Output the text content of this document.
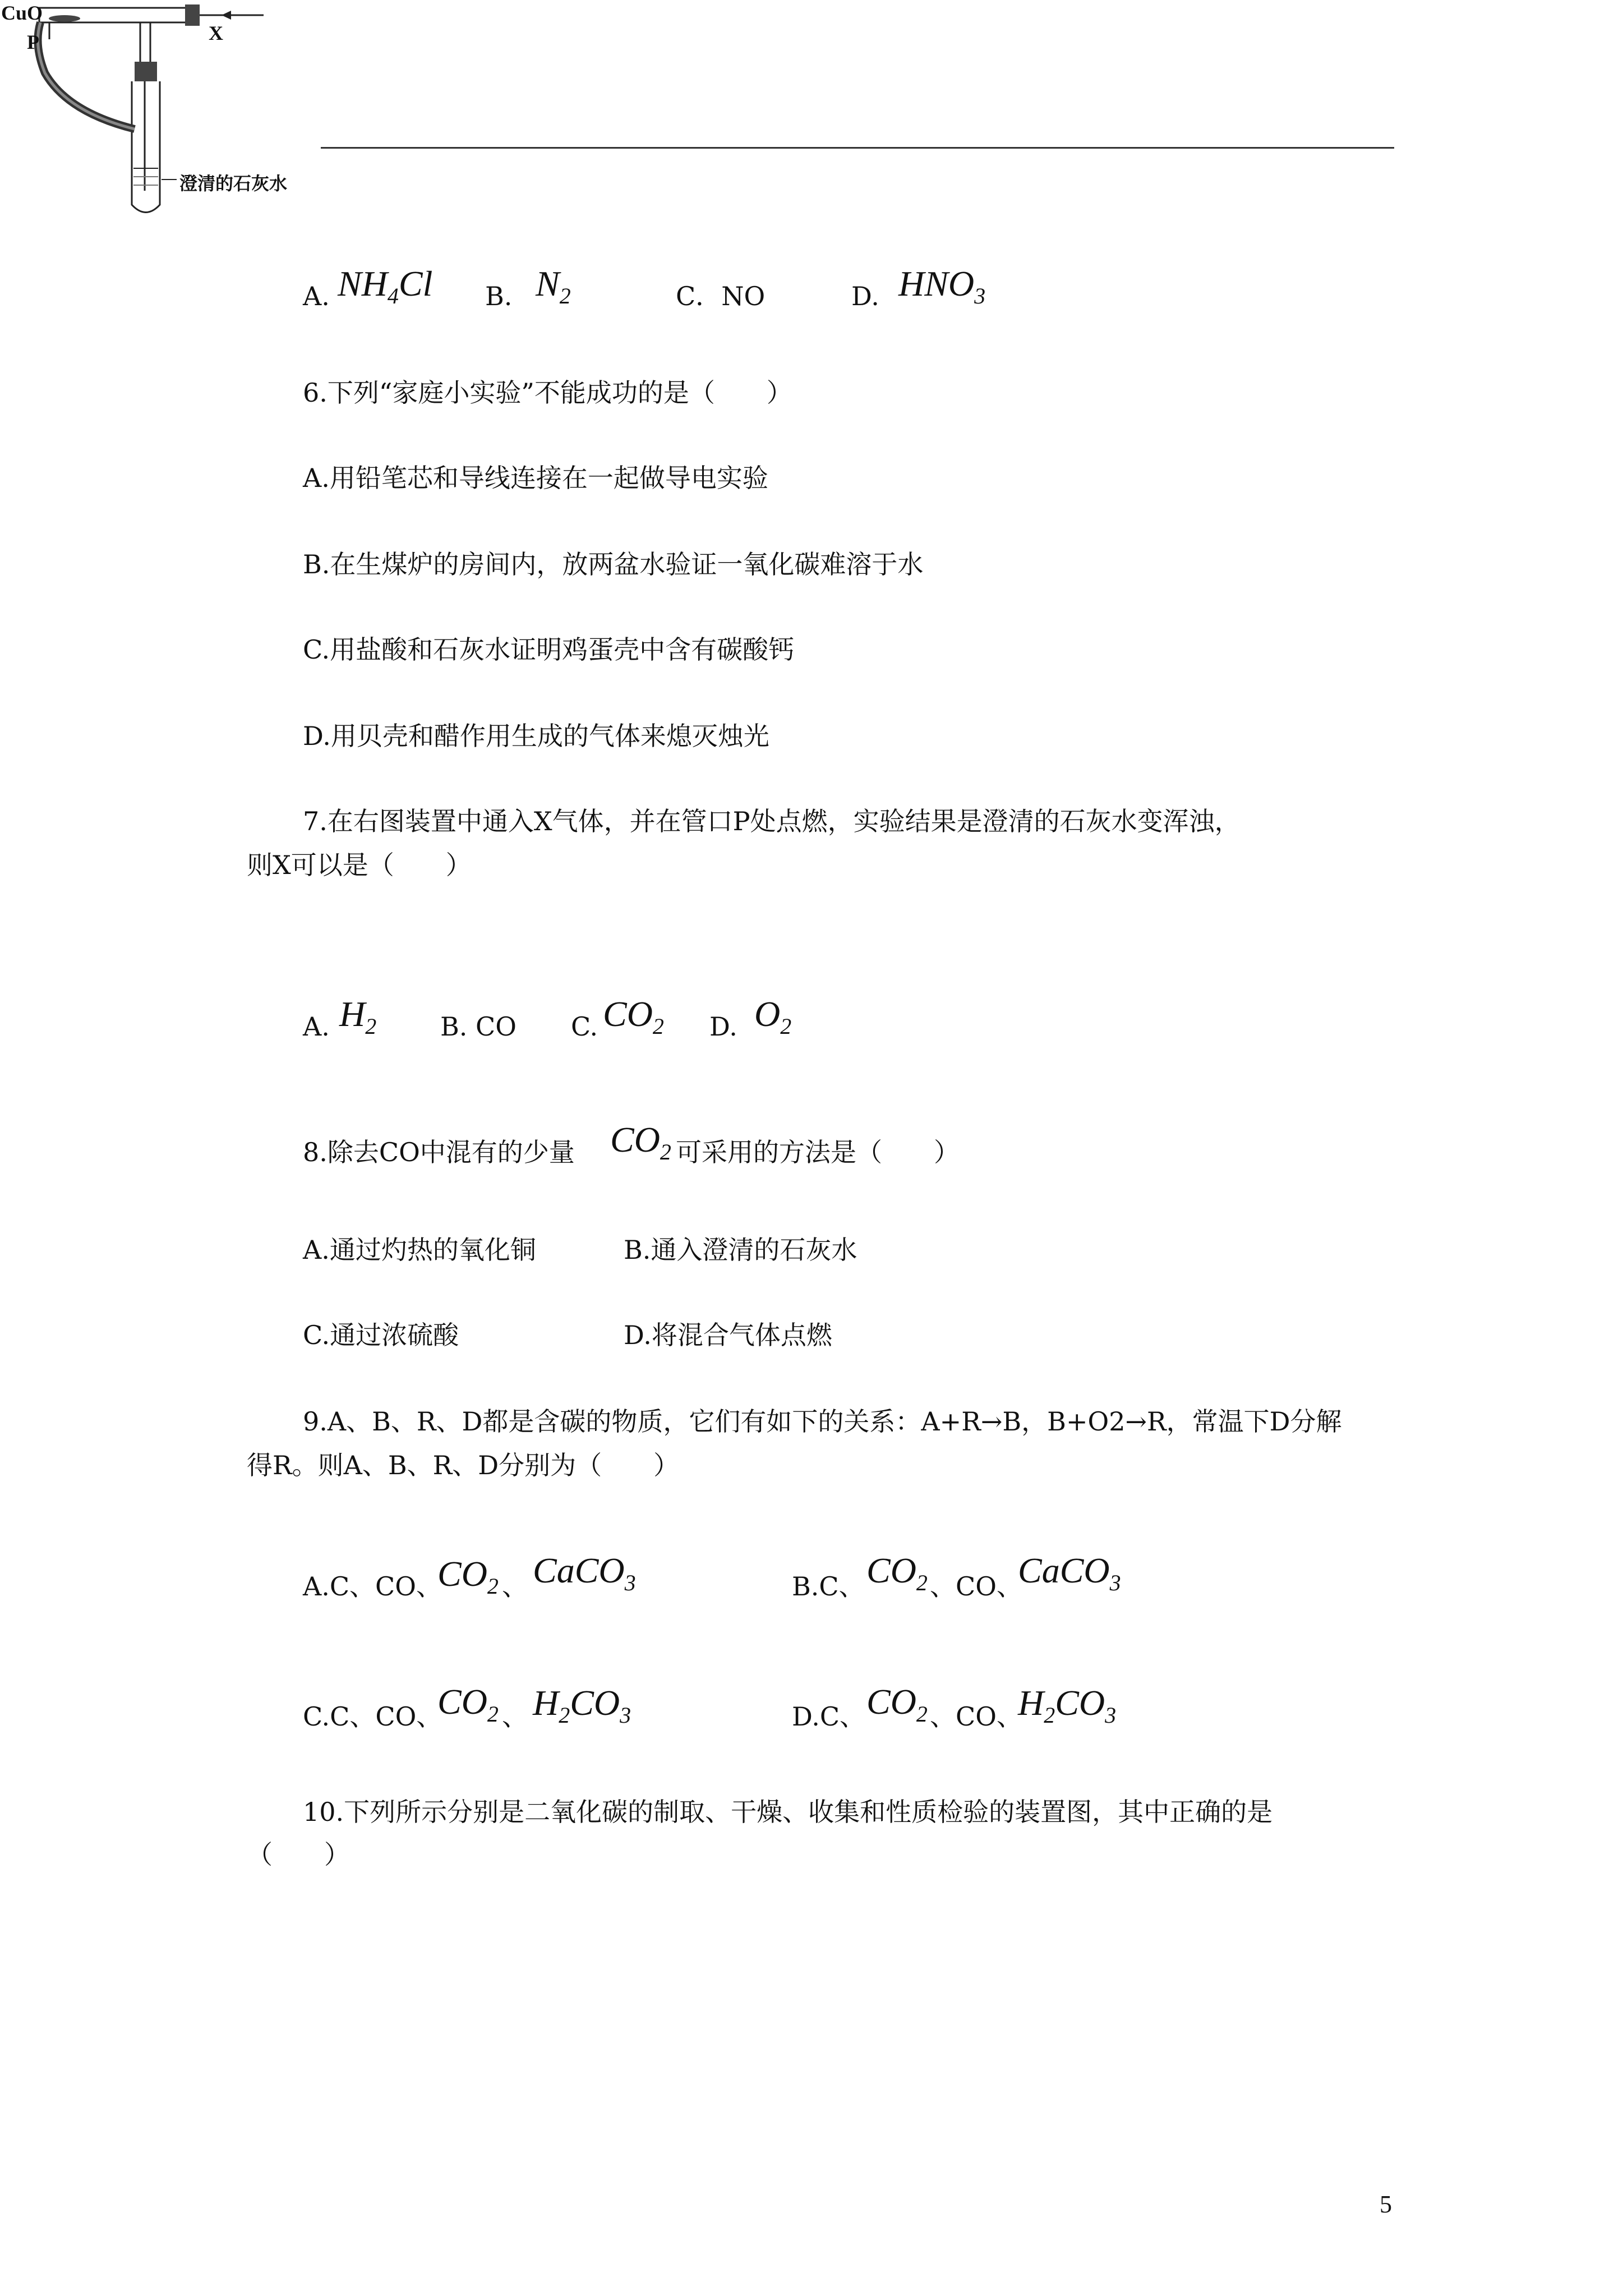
CuO
P	X
澄清的石灰水
A. $NH_4Cl$ B. $N_2$	C．NO	D. $HNO_3$
6.下列“家庭小实验”不能成功的是（　　）
A.用铅笔芯和导线连接在一起做导电实验
B.在生煤炉的房间内，放两盆水验证一氧化碳难溶于水
C.用盐酸和石灰水证明鸡蛋壳中含有碳酸钙
D.用贝壳和醋作用生成的气体来熄灭烛光
7.在右图装置中通入X气体，并在管口P处点燃，实验结果是澄清的石灰水变浑浊，
则X可以是（　　）
A. $H_2$ B. CO C. $CO_2$ D. $O_2$
8.除去CO中混有的少量 $CO_2$ 可采用的方法是（　　）
A.通过灼热的氧化铜	B.通入澄清的石灰水
C.通过浓硫酸	D.将混合气体点燃
9.A、B、R、D都是含碳的物质，它们有如下的关系：A+R→B，B+O2→R，常温下D分解
得R。则A、B、R、D分别为（　　）
A.C、CO、
$CO_2$ 、 CaCO$_3$	B.C、 $CO_2$ 、CO、
CaCO$_3$
C.C、CO、
$CO_2$ 、 $H_2CO_3$	D.C、 $CO_2$ 、CO、
$H_2CO_3$
10.下列所示分别是二氧化碳的制取、干燥、收集和性质检验的装置图，其中正确的是
（　　）
5
